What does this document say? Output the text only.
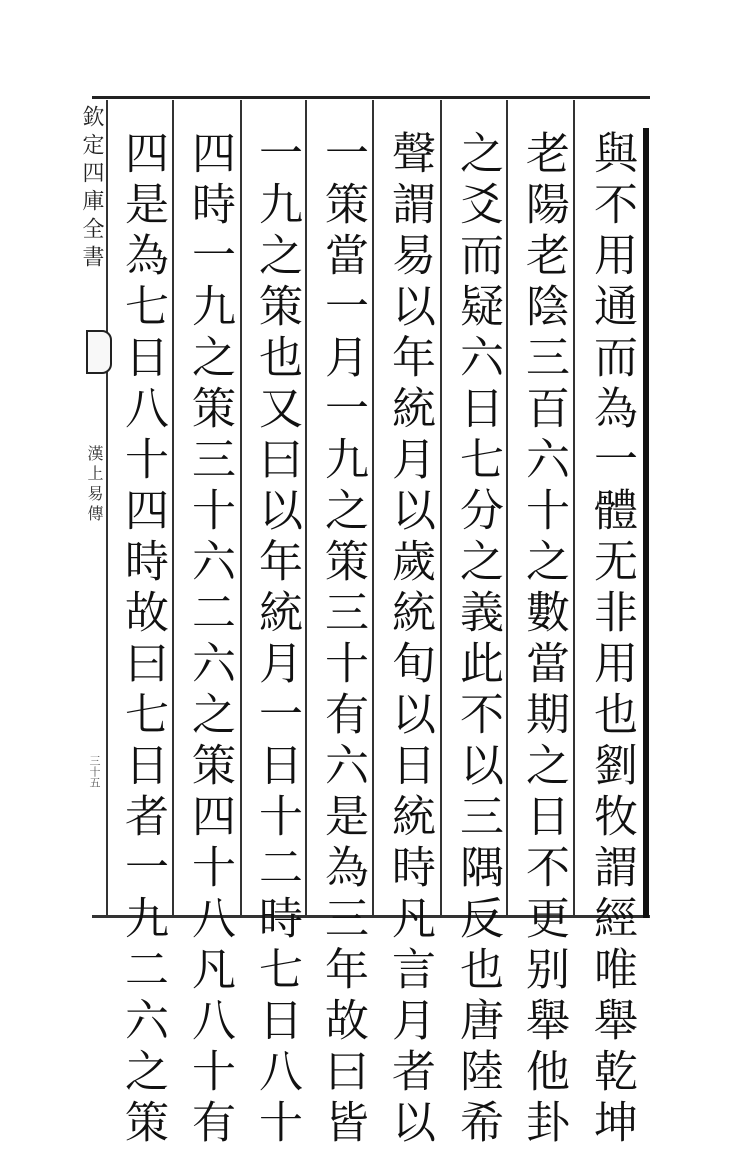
欽定四庫全書
漢上易傳
三十五	與不用通而為一體无非用也劉牧謂經唯舉乾坤
老陽老陰三百六十之數當期之日不更别舉他卦
之爻而疑六日七分之義此不以三隅反也唐陸希
聲謂易以年統月以歲統旬以日統時凡言月者以
一策當一月一九之策三十有六是為三年故曰皆
一九之策也又曰以年統月一日十二時七日八十
四時一九之策三十六二六之策四十八凡八十有
四是為七日八十四時故曰七日者一九二六之策
